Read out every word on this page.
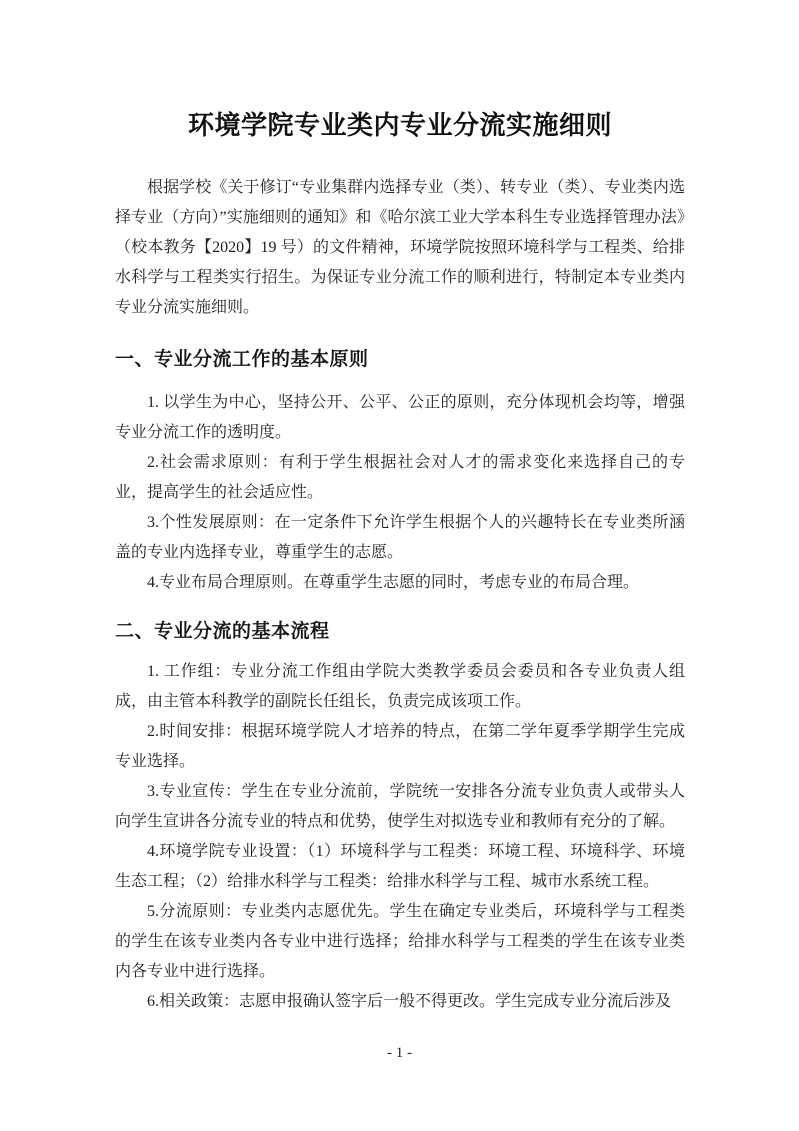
环境学院专业类内专业分流实施细则

根据学校《关于修订“专业集群内选择专业（类）、转专业（类）、专业类内选择专业（方向）”实施细则的通知》和《哈尔滨工业大学本科生专业选择管理办法》（校本教务【2020】19 号）的文件精神，环境学院按照环境科学与工程类、给排水科学与工程类实行招生。为保证专业分流工作的顺利进行，特制定本专业类内专业分流实施细则。

一、专业分流工作的基本原则

1. 以学生为中心，坚持公开、公平、公正的原则，充分体现机会均等，增强专业分流工作的透明度。

2.社会需求原则：有利于学生根据社会对人才的需求变化来选择自己的专业，提高学生的社会适应性。

3.个性发展原则：在一定条件下允许学生根据个人的兴趣特长在专业类所涵盖的专业内选择专业，尊重学生的志愿。

4.专业布局合理原则。在尊重学生志愿的同时，考虑专业的布局合理。

二、专业分流的基本流程

1. 工作组：专业分流工作组由学院大类教学委员会委员和各专业负责人组成，由主管本科教学的副院长任组长，负责完成该项工作。

2.时间安排：根据环境学院人才培养的特点，在第二学年夏季学期学生完成专业选择。

3.专业宣传：学生在专业分流前，学院统一安排各分流专业负责人或带头人向学生宣讲各分流专业的特点和优势，使学生对拟选专业和教师有充分的了解。

4.环境学院专业设置：（1）环境科学与工程类：环境工程、环境科学、环境生态工程；（2）给排水科学与工程类：给排水科学与工程、城市水系统工程。

5.分流原则：专业类内志愿优先。学生在确定专业类后，环境科学与工程类的学生在该专业类内各专业中进行选择；给排水科学与工程类的学生在该专业类内各专业中进行选择。

6.相关政策：志愿申报确认签字后一般不得更改。学生完成专业分流后涉及

- 1 -
